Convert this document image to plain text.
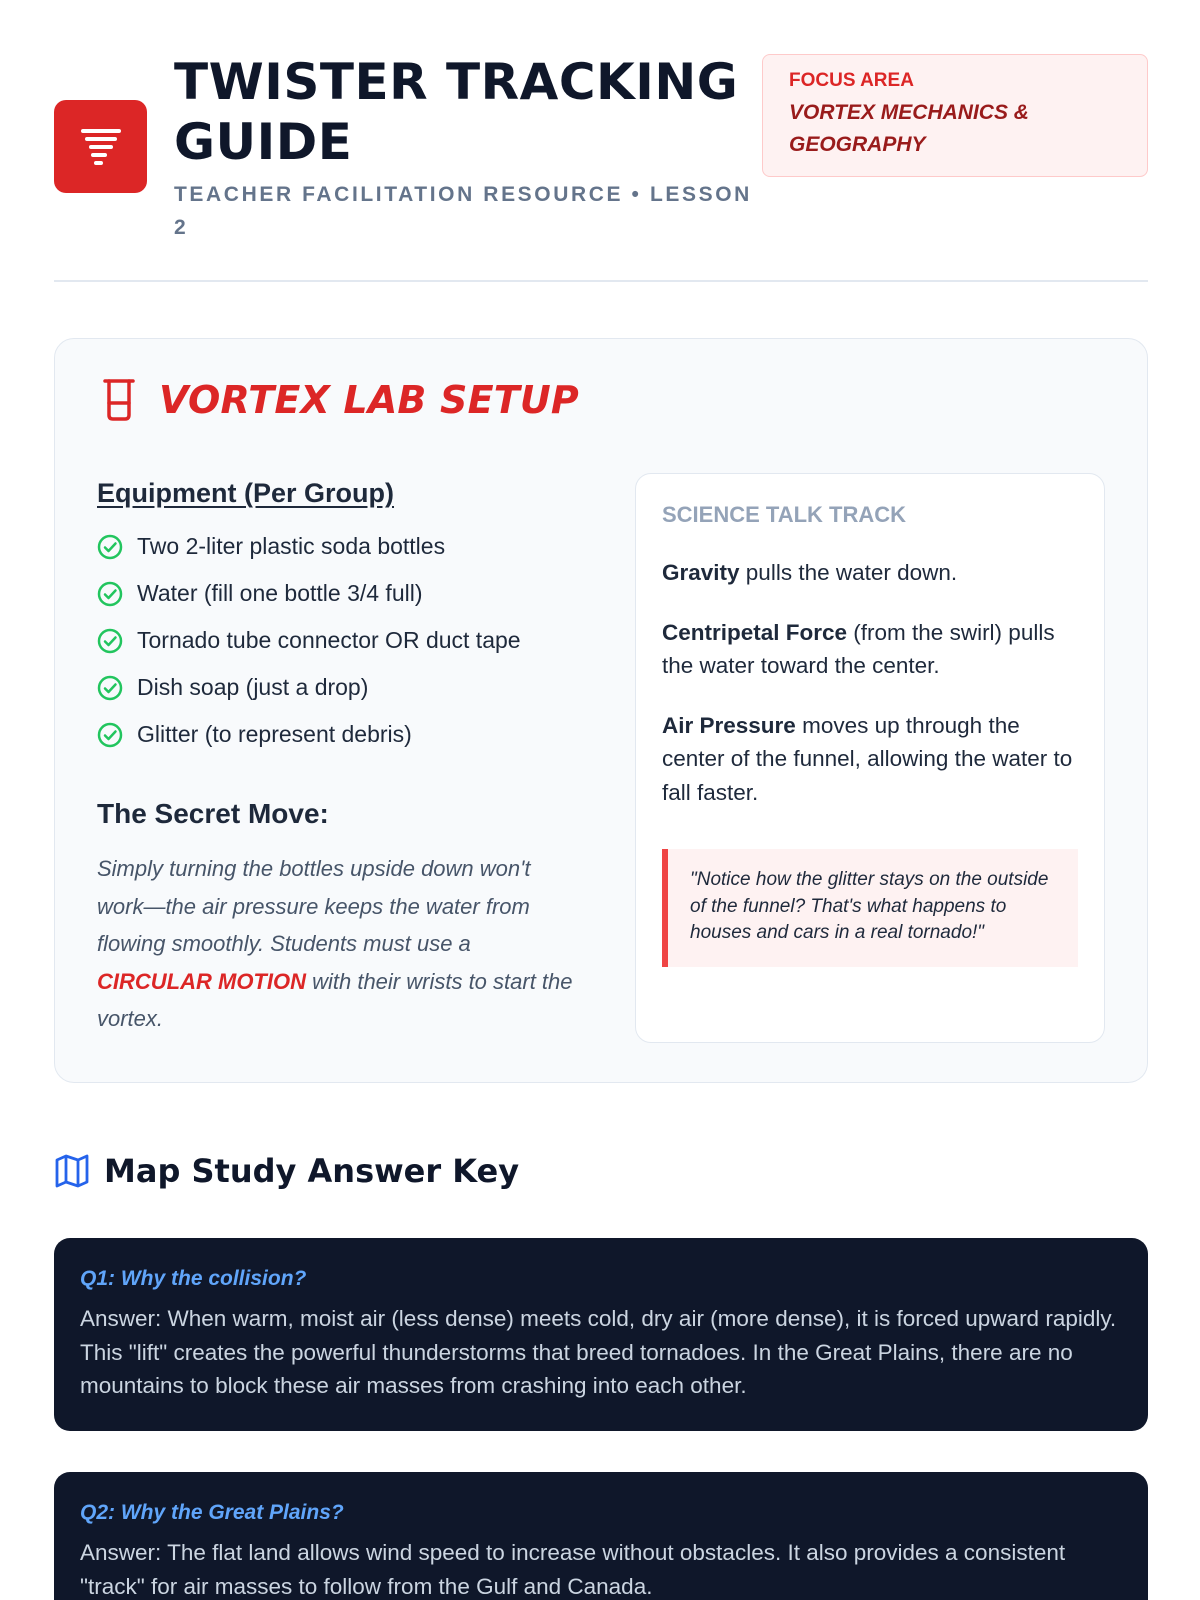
TWISTER TRACKING GUIDE
TEACHER FACILITATION RESOURCE • LESSON 2
FOCUS AREA
VORTEX MECHANICS & GEOGRAPHY
VORTEX LAB SETUP
Equipment (Per Group)
Two 2-liter plastic soda bottles
Water (fill one bottle 3/4 full)
Tornado tube connector OR duct tape
Dish soap (just a drop)
Glitter (to represent debris)
The Secret Move:

Simply turning the bottles upside down won't work—the air pressure keeps the water from flowing smoothly. Students must use a CIRCULAR MOTION with their wrists to start the vortex.

SCIENCE TALK TRACK

Gravity pulls the water down.

Centripetal Force (from the swirl) pulls the water toward the center.

Air Pressure moves up through the center of the funnel, allowing the water to fall faster.

"Notice how the glitter stays on the outside of the funnel? That's what happens to houses and cars in a real tornado!"
Map Study Answer Key
Q1: Why the collision?
Answer: When warm, moist air (less dense) meets cold, dry air (more dense), it is forced upward rapidly. This "lift" creates the powerful thunderstorms that breed tornadoes. In the Great Plains, there are no mountains to block these air masses from crashing into each other.
Q2: Why the Great Plains?
Answer: The flat land allows wind speed to increase without obstacles. It also provides a consistent "track" for air masses to follow from the Gulf and Canada.
